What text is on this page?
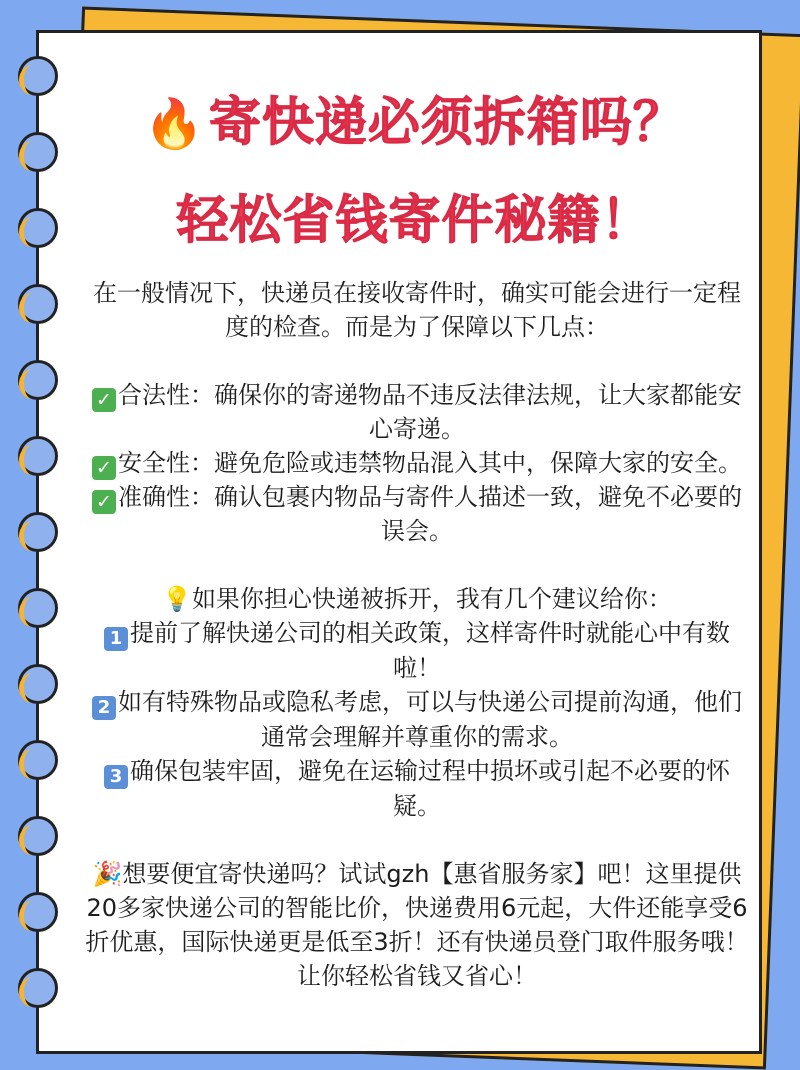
🔥寄快递必须拆箱吗？
轻松省钱寄件秘籍！

在一般情况下，快递员在接收寄件时，确实可能会进行一定程度的检查。而是为了保障以下几点：

✓ 合法性：确保你的寄递物品不违反法律法规，让大家都能安心寄递。

✓ 安全性：避免危险或违禁物品混入其中，保障大家的安全。

✓ 准确性：确认包裹内物品与寄件人描述一致，避免不必要的误会。

💡如果你担心快递被拆开，我有几个建议给你：

1 提前了解快递公司的相关政策，这样寄件时就能心中有数啦！

2 如有特殊物品或隐私考虑，可以与快递公司提前沟通，他们通常会理解并尊重你的需求。

3 确保包装牢固，避免在运输过程中损坏或引起不必要的怀疑。

🎉想要便宜寄快递吗？试试gzh【惠省服务家】吧！这里提供20多家快递公司的智能比价，快递费用6元起，大件还能享受6折优惠，国际快递更是低至3折！还有快递员登门取件服务哦！让你轻松省钱又省心！
